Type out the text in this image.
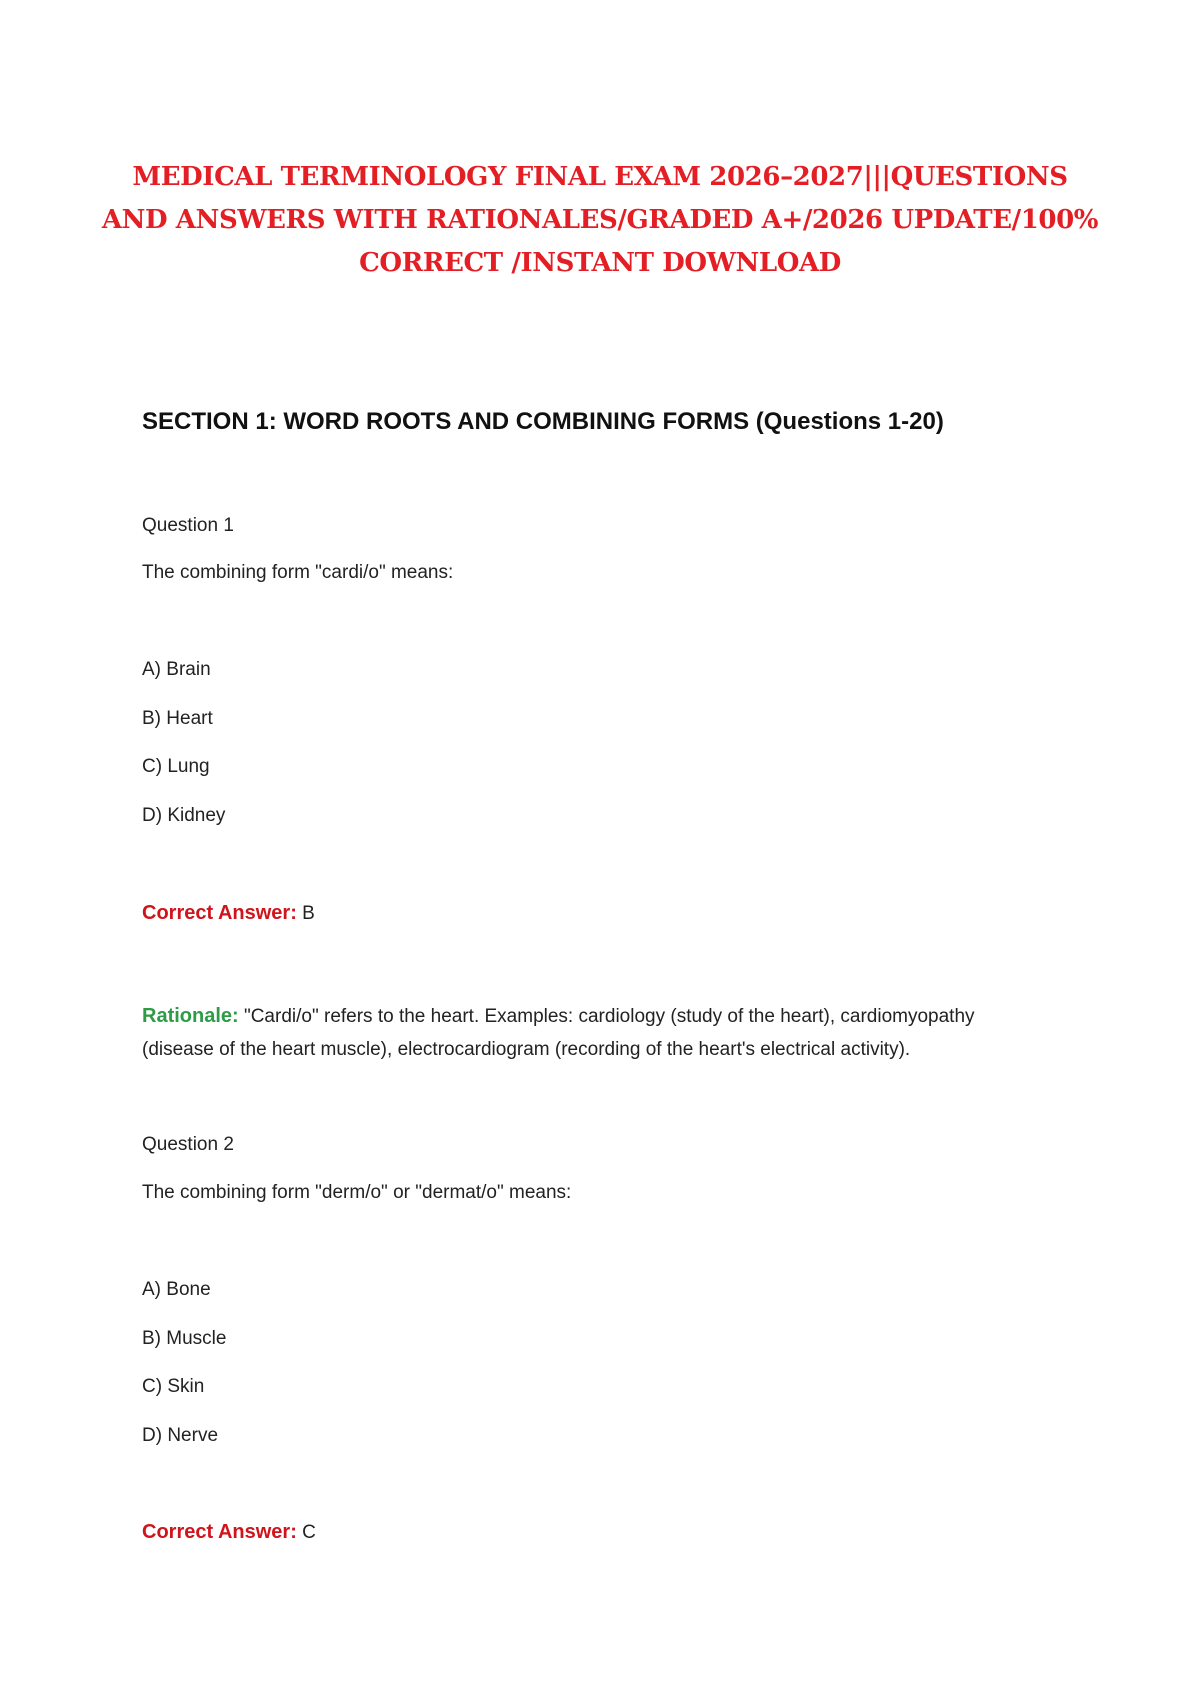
MEDICAL TERMINOLOGY FINAL EXAM 2026–2027|||QUESTIONS AND ANSWERS WITH RATIONALES/GRADED A+/2026 UPDATE/100% CORRECT /INSTANT DOWNLOAD
SECTION 1: WORD ROOTS AND COMBINING FORMS (Questions 1-20)
Question 1
The combining form "cardi/o" means:
A) Brain
B) Heart
C) Lung
D) Kidney
Correct Answer: B
Rationale: "Cardi/o" refers to the heart. Examples: cardiology (study of the heart), cardiomyopathy (disease of the heart muscle), electrocardiogram (recording of the heart's electrical activity).
Question 2
The combining form "derm/o" or "dermat/o" means:
A) Bone
B) Muscle
C) Skin
D) Nerve
Correct Answer: C
